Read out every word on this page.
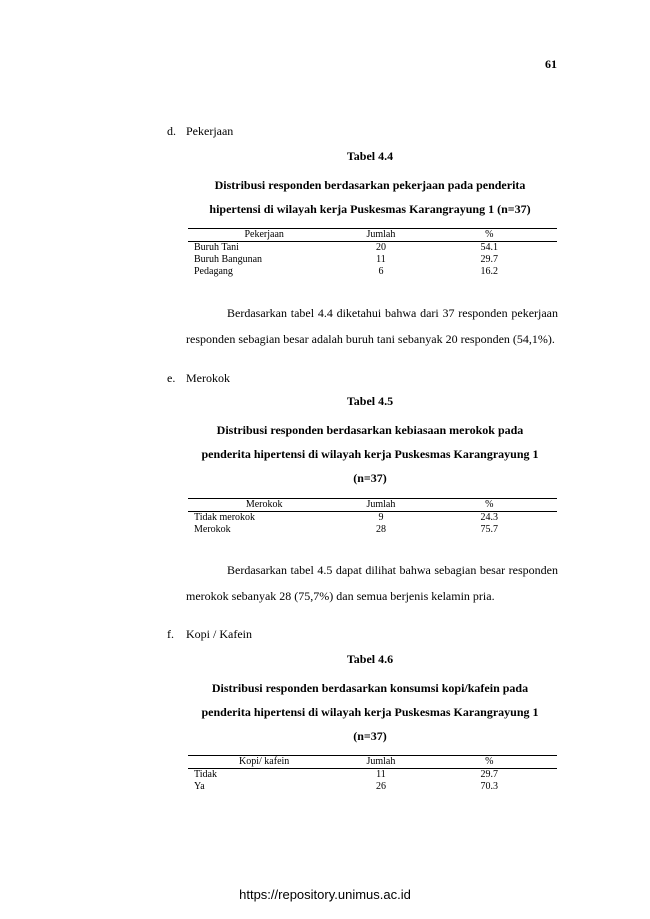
61
d. Pekerjaan
Tabel 4.4
Distribusi responden berdasarkan pekerjaan pada penderita
hipertensi di wilayah kerja Puskesmas Karangrayung 1 (n=37)
Pekerjaan	Jumlah	%
Buruh Tani	20	54.1
Buruh Bangunan	11	29.7
Pedagang	6	16.2

Berdasarkan tabel 4.4 diketahui bahwa dari 37 responden pekerjaan responden sebagian besar adalah buruh tani sebanyak 20 responden (54,1%).

e. Merokok
Tabel 4.5
Distribusi responden berdasarkan kebiasaan merokok pada
penderita hipertensi di wilayah kerja Puskesmas Karangrayung 1
(n=37)
Merokok	Jumlah	%
Tidak merokok	9	24.3
Merokok	28	75.7

Berdasarkan tabel 4.5 dapat dilihat bahwa sebagian besar responden merokok sebanyak 28 (75,7%) dan semua berjenis kelamin pria.

f. Kopi / Kafein
Tabel 4.6
Distribusi responden berdasarkan konsumsi kopi/kafein pada
penderita hipertensi di wilayah kerja Puskesmas Karangrayung 1
(n=37)
Kopi/ kafein	Jumlah	%
Tidak	11	29.7
Ya	26	70.3
https://repository.unimus.ac.id
